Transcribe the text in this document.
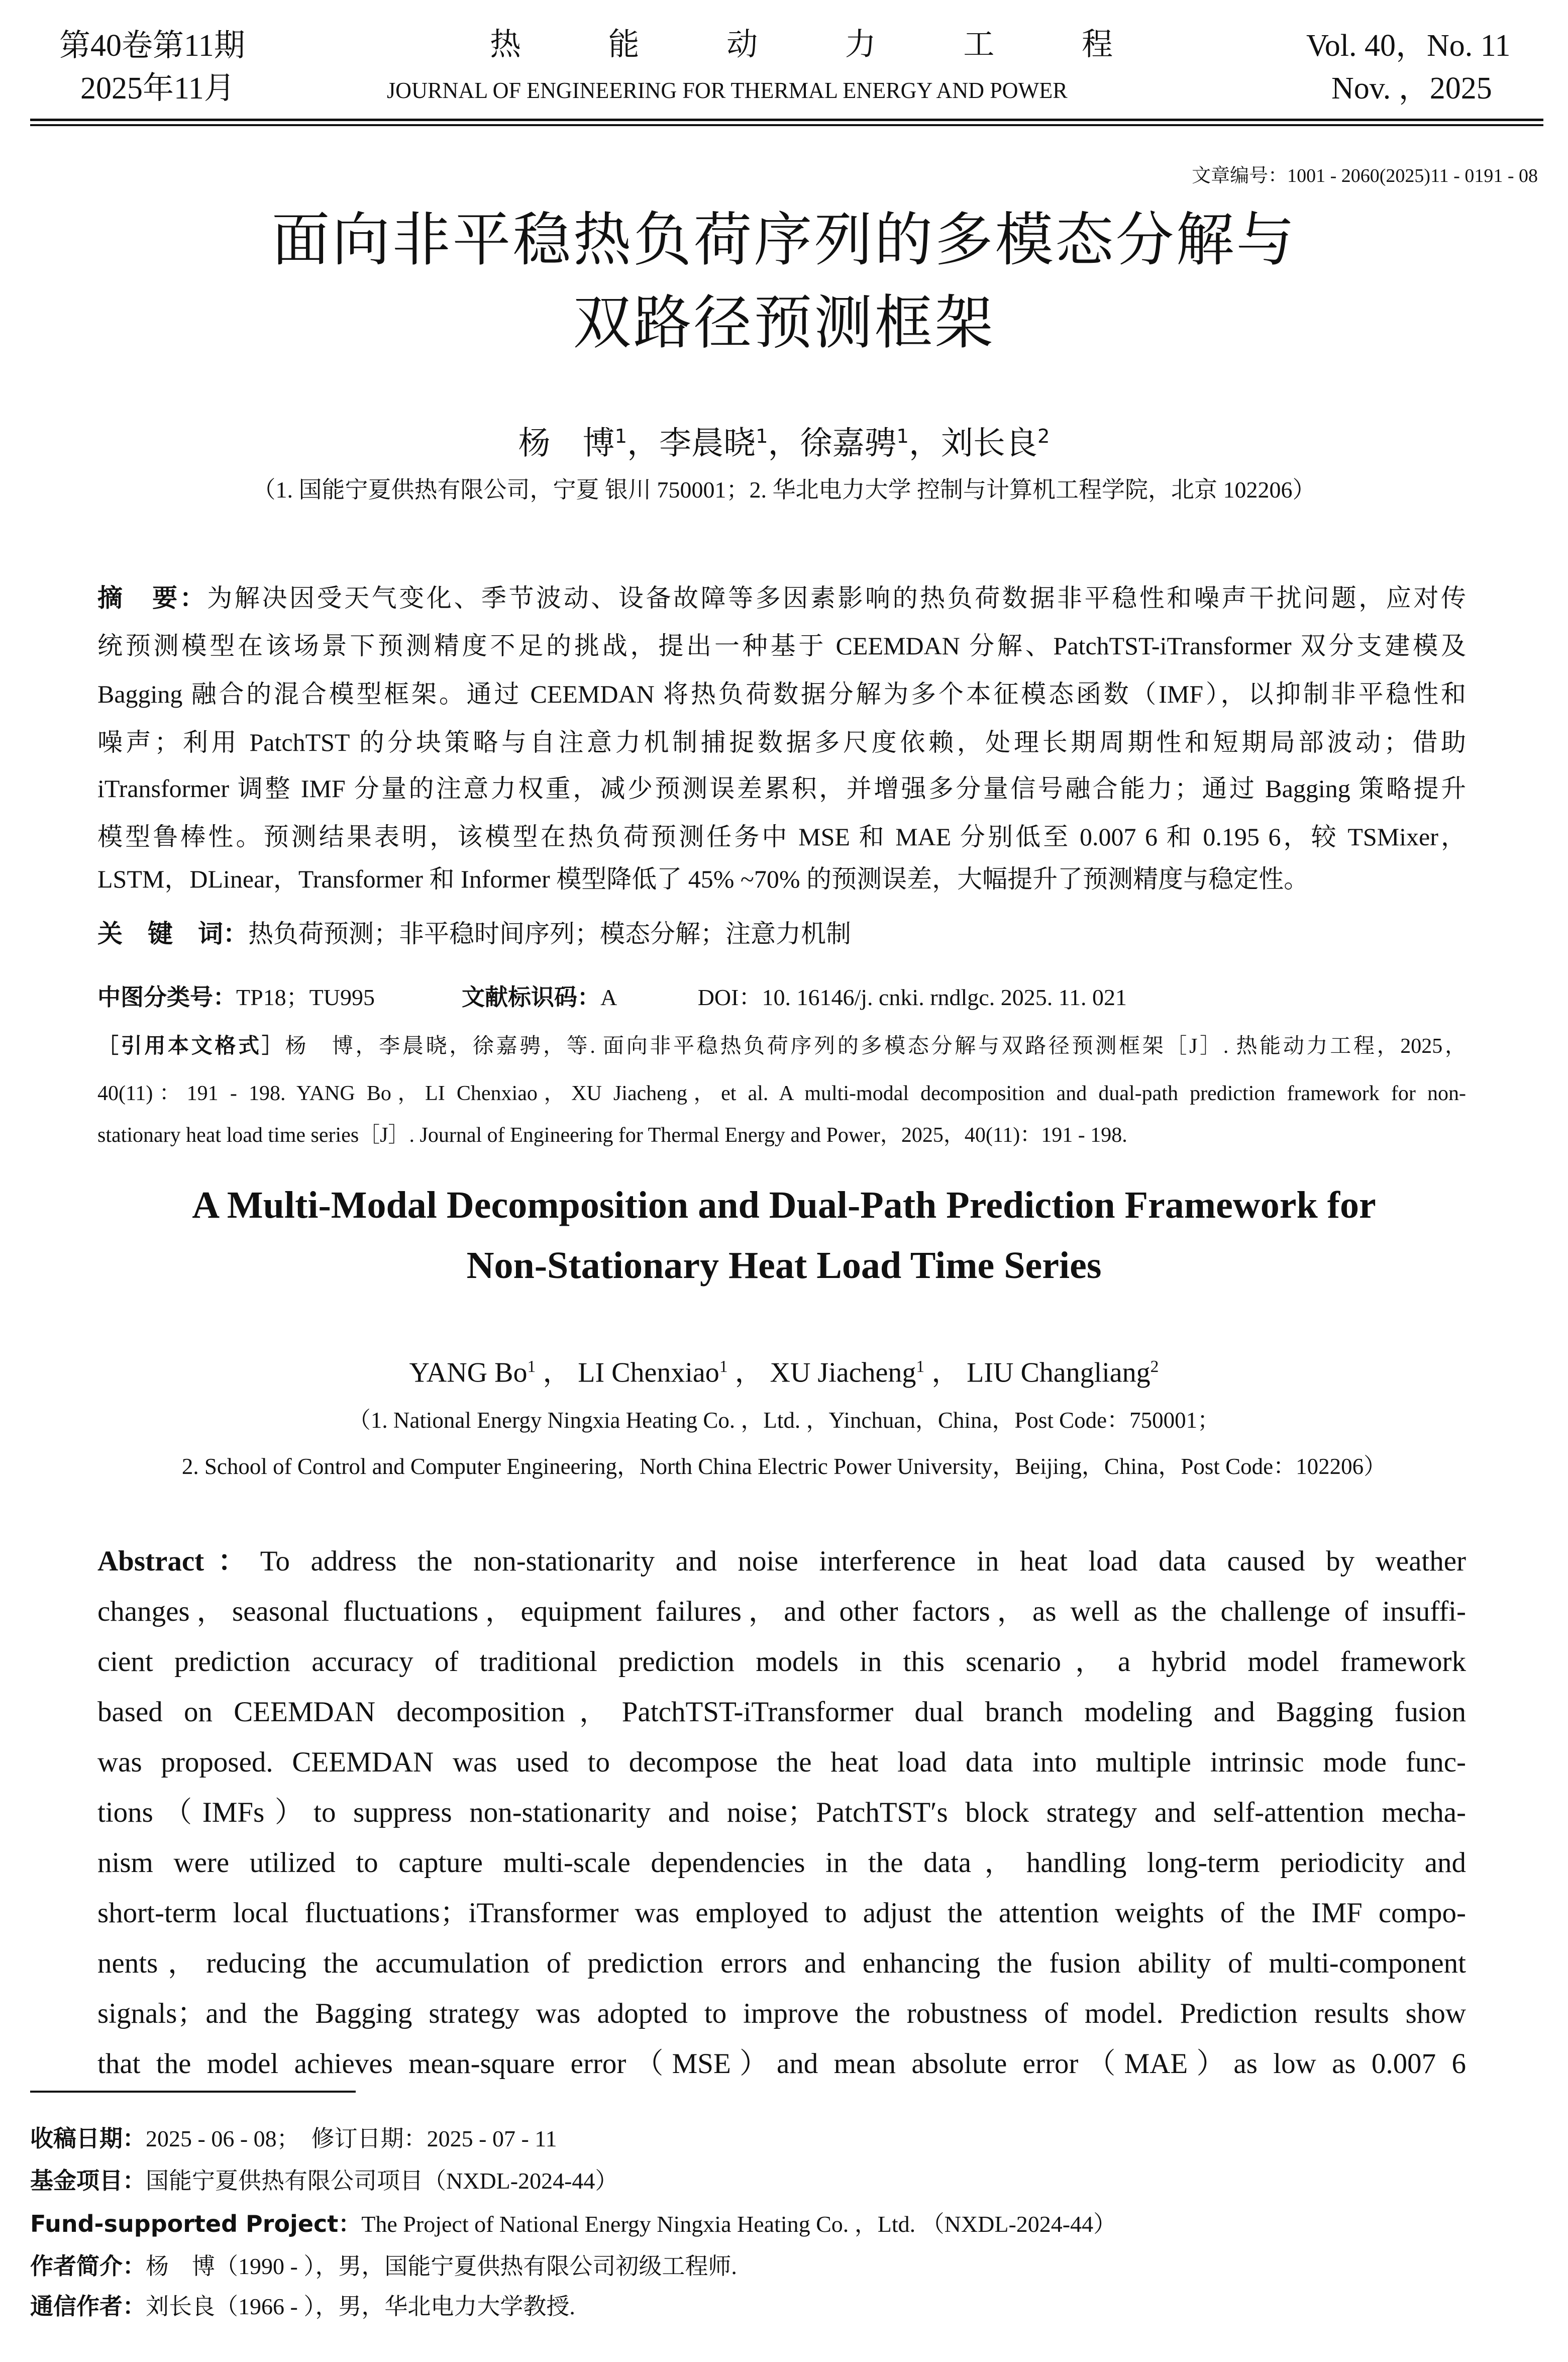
第40卷第11期
2025年11月
热	能	动	力	工	程
JOURNAL OF ENGINEERING FOR THERMAL ENERGY AND POWER
Vol. 40，No. 11
Nov. ，2025
文章编号：1001 - 2060(2025)11 - 0191 - 08
面向非平稳热负荷序列的多模态分解与
双路径预测框架
杨　博$^1$，李晨晓$^1$，徐嘉骋$^1$，刘长良$^2$
（1. 国能宁夏供热有限公司，宁夏 银川 750001；2. 华北电力大学 控制与计算机工程学院，北京 102206）
摘　要：为解决因受天气变化、季节波动、设备故障等多因素影响的热负荷数据非平稳性和噪声干扰问题，应对传
统预测模型在该场景下预测精度不足的挑战，提出一种基于 CEEMDAN 分解、PatchTST-iTransformer 双分支建模及
Bagging 融合的混合模型框架。通过 CEEMDAN 将热负荷数据分解为多个本征模态函数（IMF），以抑制非平稳性和
噪声；利用 PatchTST 的分块策略与自注意力机制捕捉数据多尺度依赖，处理长期周期性和短期局部波动；借助
iTransformer 调整 IMF 分量的注意力权重，减少预测误差累积，并增强多分量信号融合能力；通过 Bagging 策略提升
模型鲁棒性。预测结果表明，该模型在热负荷预测任务中 MSE 和 MAE 分别低至 0.007 6 和 0.195 6，较 TSMixer，
LSTM，DLinear，Transformer 和 Informer 模型降低了 45% ~70% 的预测误差，大幅提升了预测精度与稳定性。
关　键　词：热负荷预测；非平稳时间序列；模态分解；注意力机制
中图分类号：TP18；TU995	文献标识码：A	DOI：10. 16146/j. cnki. rndlgc. 2025. 11. 021
［引用本文格式］杨　博，李晨晓，徐嘉骋，等. 面向非平稳热负荷序列的多模态分解与双路径预测框架［J］. 热能动力工程，2025，
40(11)：191 - 198. YANG Bo，LI Chenxiao，XU Jiacheng，et al. A multi-modal decomposition and dual-path prediction framework for non-
stationary heat load time series［J］. Journal of Engineering for Thermal Energy and Power，2025，40(11)：191 - 198.
A Multi-Modal Decomposition and Dual-Path Prediction Framework for
Non-Stationary Heat Load Time Series
YANG Bo$^1$ ， LI Chenxiao$^1$ ， XU Jiacheng$^1$ ， LIU Changliang$^2$
（1. National Energy Ningxia Heating Co. ，Ltd. ，Yinchuan，China，Post Code：750001；
2. School of Control and Computer Engineering，North China Electric Power University，Beijing，China，Post Code：102206）
Abstract：To address the non-stationarity and noise interference in heat load data caused by weather
changes，seasonal fluctuations，equipment failures，and other factors，as well as the challenge of insuffi-
cient prediction accuracy of traditional prediction models in this scenario，a hybrid model framework
based on CEEMDAN decomposition，PatchTST-iTransformer dual branch modeling and Bagging fusion
was proposed. CEEMDAN was used to decompose the heat load data into multiple intrinsic mode func-
tions（IMFs）to suppress non-stationarity and noise；PatchTST′s block strategy and self-attention mecha-
nism were utilized to capture multi-scale dependencies in the data，handling long-term periodicity and
short-term local fluctuations；iTransformer was employed to adjust the attention weights of the IMF compo-
nents，reducing the accumulation of prediction errors and enhancing the fusion ability of multi-component
signals；and the Bagging strategy was adopted to improve the robustness of model. Prediction results show
that the model achieves mean-square error（MSE）and mean absolute error（MAE）as low as 0.007 6
收稿日期：2025 - 06 - 08；　修订日期：2025 - 07 - 11
基金项目：国能宁夏供热有限公司项目（NXDL-2024-44）
Fund-supported Project：The Project of National Energy Ningxia Heating Co. ，Ltd. （NXDL-2024-44）
作者简介：杨　博（1990 - ），男，国能宁夏供热有限公司初级工程师.
通信作者：刘长良（1966 - ），男，华北电力大学教授.
